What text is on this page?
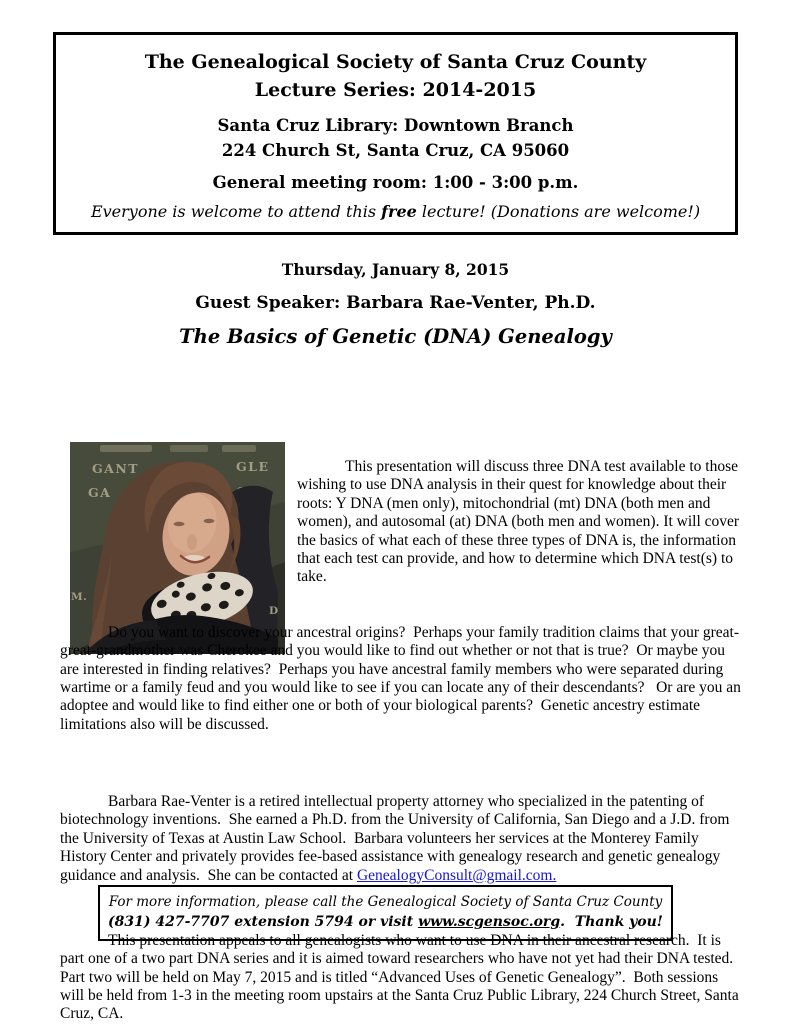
The Genealogical Society of Santa Cruz County
Lecture Series: 2014-2015
Santa Cruz Library: Downtown Branch
224 Church St, Santa Cruz, CA 95060
General meeting room: 1:00 - 3:00 p.m.
Everyone is welcome to attend this free lecture! (Donations are welcome!)
Thursday, January 8, 2015
Guest Speaker: Barbara Rae-Venter, Ph.D.
The Basics of Genetic (DNA) Genealogy

GANT	GLE
GA
M.
D

This presentation will discuss three DNA test available to those wishing to use DNA analysis in their quest for knowledge about their roots: Y DNA (men only), mitochondrial (mt) DNA (both men and women), and autosomal (at) DNA (both men and women). It will cover the basics of what each of these three types of DNA is, the information that each test can provide, and how to determine which DNA test(s) to take.

Do you want to discover your ancestral origins?  Perhaps your family tradition claims that your great-great-grandmother was Cherokee and you would like to find out whether or not that is true?  Or maybe you are interested in finding relatives?  Perhaps you have ancestral family members who were separated during wartime or a family feud and you would like to see if you can locate any of their descendants?   Or are you an adoptee and would like to find either one or both of your biological parents?  Genetic ancestry estimate limitations also will be discussed.

Barbara Rae-Venter is a retired intellectual property attorney who specialized in the patenting of biotechnology inventions.  She earned a Ph.D. from the University of California, San Diego and a J.D. from the University of Texas at Austin Law School.  Barbara volunteers her services at the Monterey Family History Center and privately provides fee-based assistance with genealogy research and genetic genealogy guidance and analysis.  She can be contacted at GenealogyConsult@gmail.com.

This presentation appeals to all genealogists who want to use DNA in their ancestral research.  It is part one of a two part DNA series and it is aimed toward researchers who have not yet had their DNA tested.  Part two will be held on May 7, 2015 and is titled “Advanced Uses of Genetic Genealogy”.  Both sessions will be held from 1-3 in the meeting room upstairs at the Santa Cruz Public Library, 224 Church Street, Santa Cruz, CA.

For more information, please call the Genealogical Society of Santa Cruz County
(831) 427-7707 extension 5794 or visit www.scgensoc.org.  Thank you!
